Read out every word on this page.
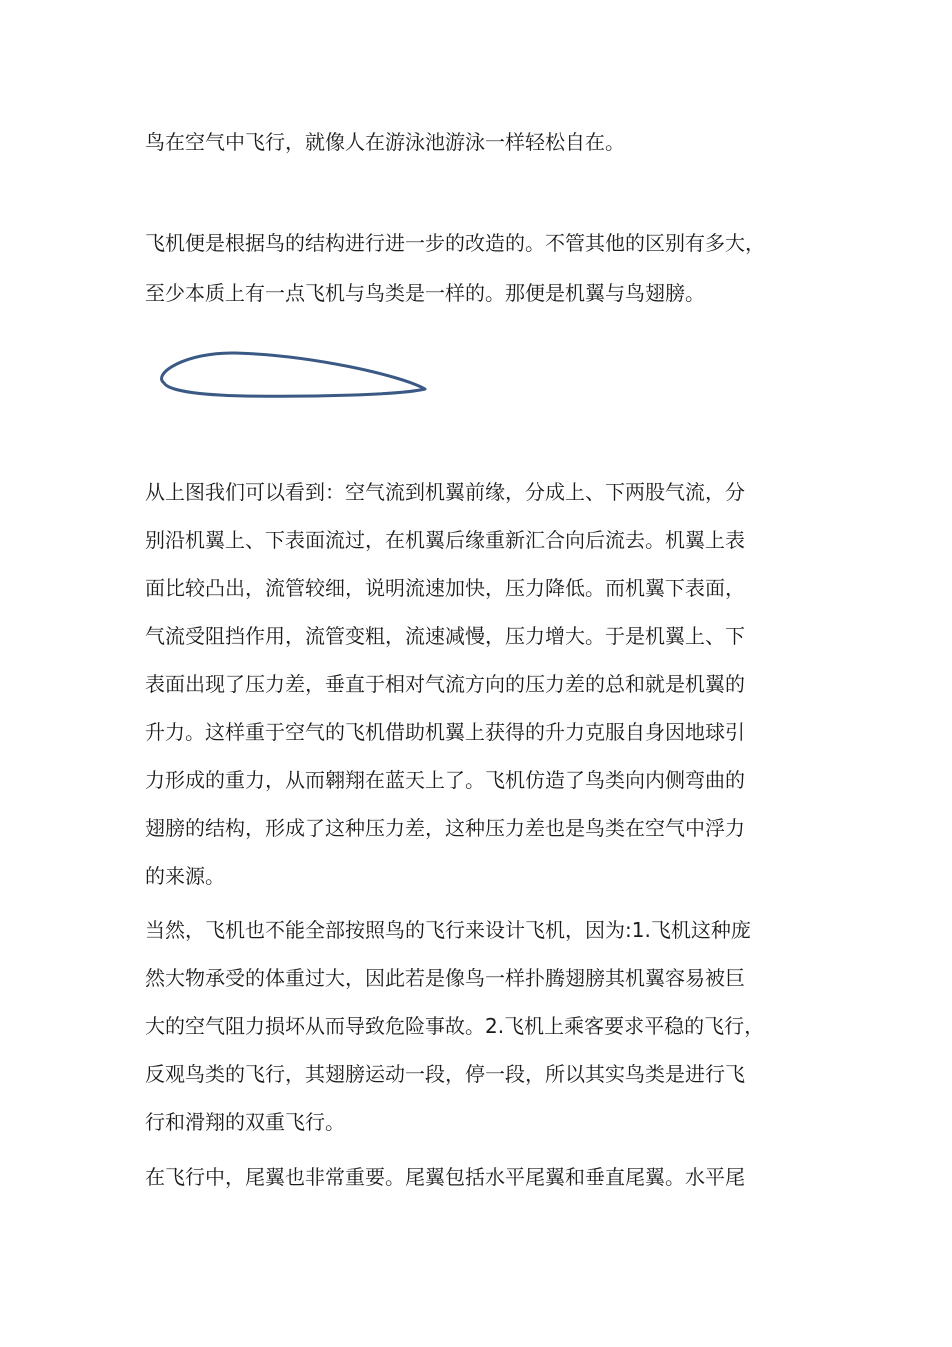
鸟在空气中飞行，就像人在游泳池游泳一样轻松自在。
飞机便是根据鸟的结构进行进一步的改造的。不管其他的区别有多大，
至少本质上有一点飞机与鸟类是一样的。那便是机翼与鸟翅膀。
从上图我们可以看到：空气流到机翼前缘，分成上、下两股气流，分
别沿机翼上、下表面流过，在机翼后缘重新汇合向后流去。机翼上表
面比较凸出，流管较细，说明流速加快，压力降低。而机翼下表面，
气流受阻挡作用，流管变粗，流速减慢，压力增大。于是机翼上、下
表面出现了压力差，垂直于相对气流方向的压力差的总和就是机翼的
升力。这样重于空气的飞机借助机翼上获得的升力克服自身因地球引
力形成的重力，从而翱翔在蓝天上了。飞机仿造了鸟类向内侧弯曲的
翅膀的结构，形成了这种压力差，这种压力差也是鸟类在空气中浮力
的来源。
当然，飞机也不能全部按照鸟的飞行来设计飞机，因为:1.飞机这种庞
然大物承受的体重过大，因此若是像鸟一样扑腾翅膀其机翼容易被巨
大的空气阻力损坏从而导致危险事故。2.飞机上乘客要求平稳的飞行，
反观鸟类的飞行，其翅膀运动一段，停一段，所以其实鸟类是进行飞
行和滑翔的双重飞行。
在飞行中，尾翼也非常重要。尾翼包括水平尾翼和垂直尾翼。水平尾
